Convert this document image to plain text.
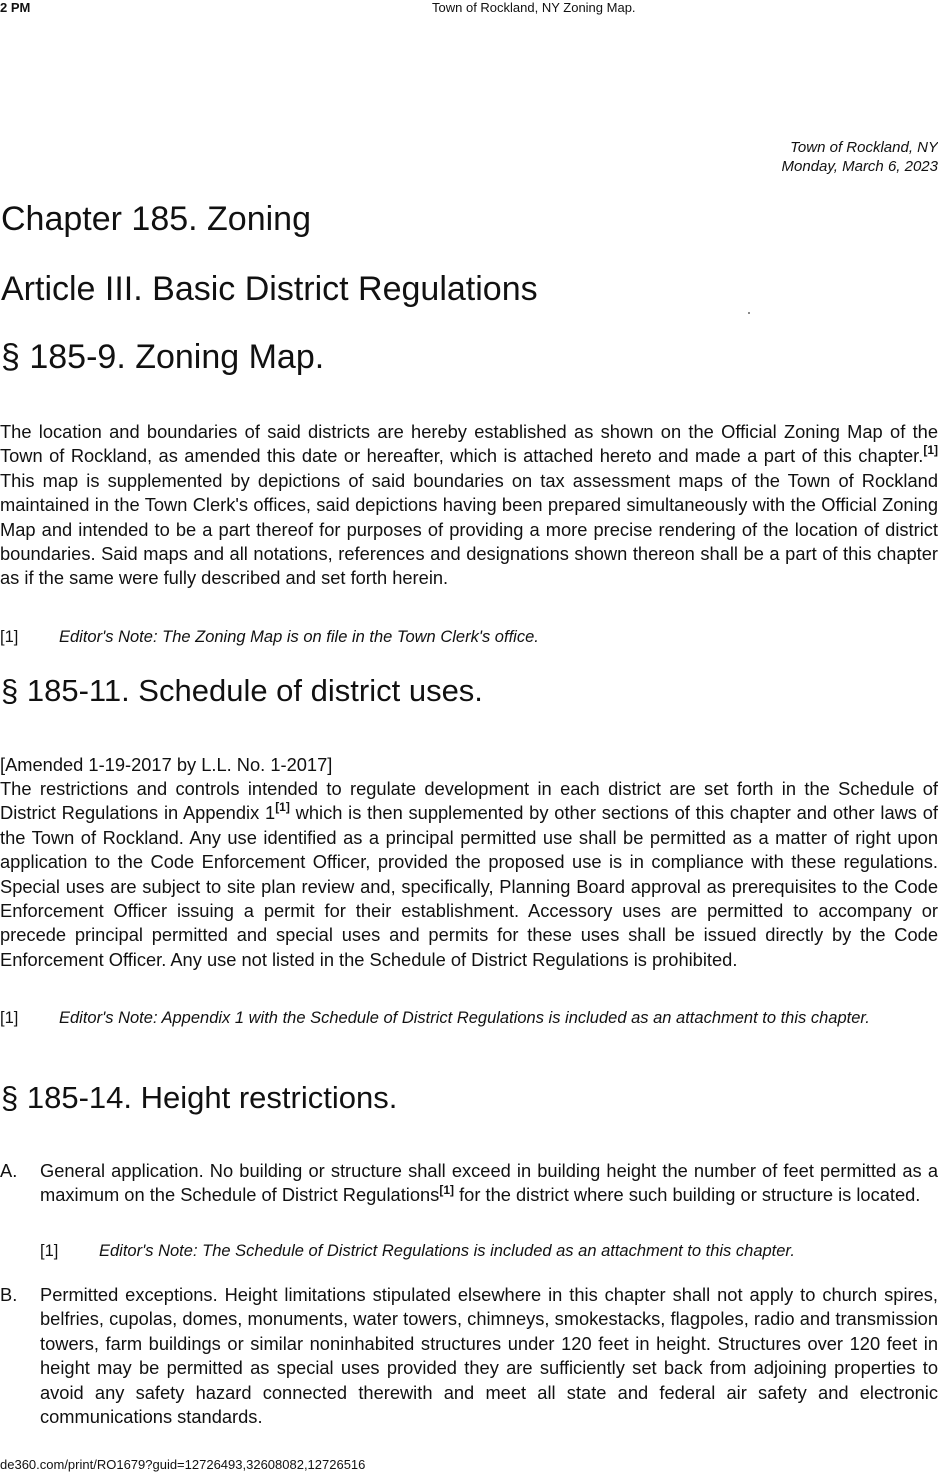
2 PM	Town of Rockland, NY Zoning Map.
Town of Rockland, NY
Monday, March 6, 2023
Chapter 185. Zoning
Article III. Basic District Regulations
§ 185-9. Zoning Map.

The location and boundaries of said districts are hereby established as shown on the Official Zoning Map of the Town of Rockland, as amended this date or hereafter, which is attached hereto and made a part of this chapter.[1] This map is supplemented by depictions of said boundaries on tax assessment maps of the Town of Rockland maintained in the Town Clerk's offices, said depictions having been prepared simultaneously with the Official Zoning Map and intended to be a part thereof for purposes of providing a more precise rendering of the location of district boundaries. Said maps and all notations, references and designations shown thereon shall be a part of this chapter as if the same were fully described and set forth herein.

[1] Editor's Note: The Zoning Map is on file in the Town Clerk's office.
§ 185-11. Schedule of district uses.
[Amended 1-19-2017 by L.L. No. 1-2017]

The restrictions and controls intended to regulate development in each district are set forth in the Schedule of District Regulations in Appendix 1[1] which is then supplemented by other sections of this chapter and other laws of the Town of Rockland. Any use identified as a principal permitted use shall be permitted as a matter of right upon application to the Code Enforcement Officer, provided the proposed use is in compliance with these regulations. Special uses are subject to site plan review and, specifically, Planning Board approval as prerequisites to the Code Enforcement Officer issuing a permit for their establishment. Accessory uses are permitted to accompany or precede principal permitted and special uses and permits for these uses shall be issued directly by the Code Enforcement Officer. Any use not listed in the Schedule of District Regulations is prohibited.

[1] Editor's Note: Appendix 1 with the Schedule of District Regulations is included as an attachment to this chapter.
§ 185-14. Height restrictions.
A. General application. No building or structure shall exceed in building height the number of feet permitted as a maximum on the Schedule of District Regulations[1] for the district where such building or structure is located.
[1] Editor's Note: The Schedule of District Regulations is included as an attachment to this chapter.
B. Permitted exceptions. Height limitations stipulated elsewhere in this chapter shall not apply to church spires, belfries, cupolas, domes, monuments, water towers, chimneys, smokestacks, flagpoles, radio and transmission towers, farm buildings or similar noninhabited structures under 120 feet in height. Structures over 120 feet in height may be permitted as special uses provided they are sufficiently set back from adjoining properties to avoid any safety hazard connected therewith and meet all state and federal air safety and electronic communications standards.
de360.com/print/RO1679?guid=12726493,32608082,12726516
